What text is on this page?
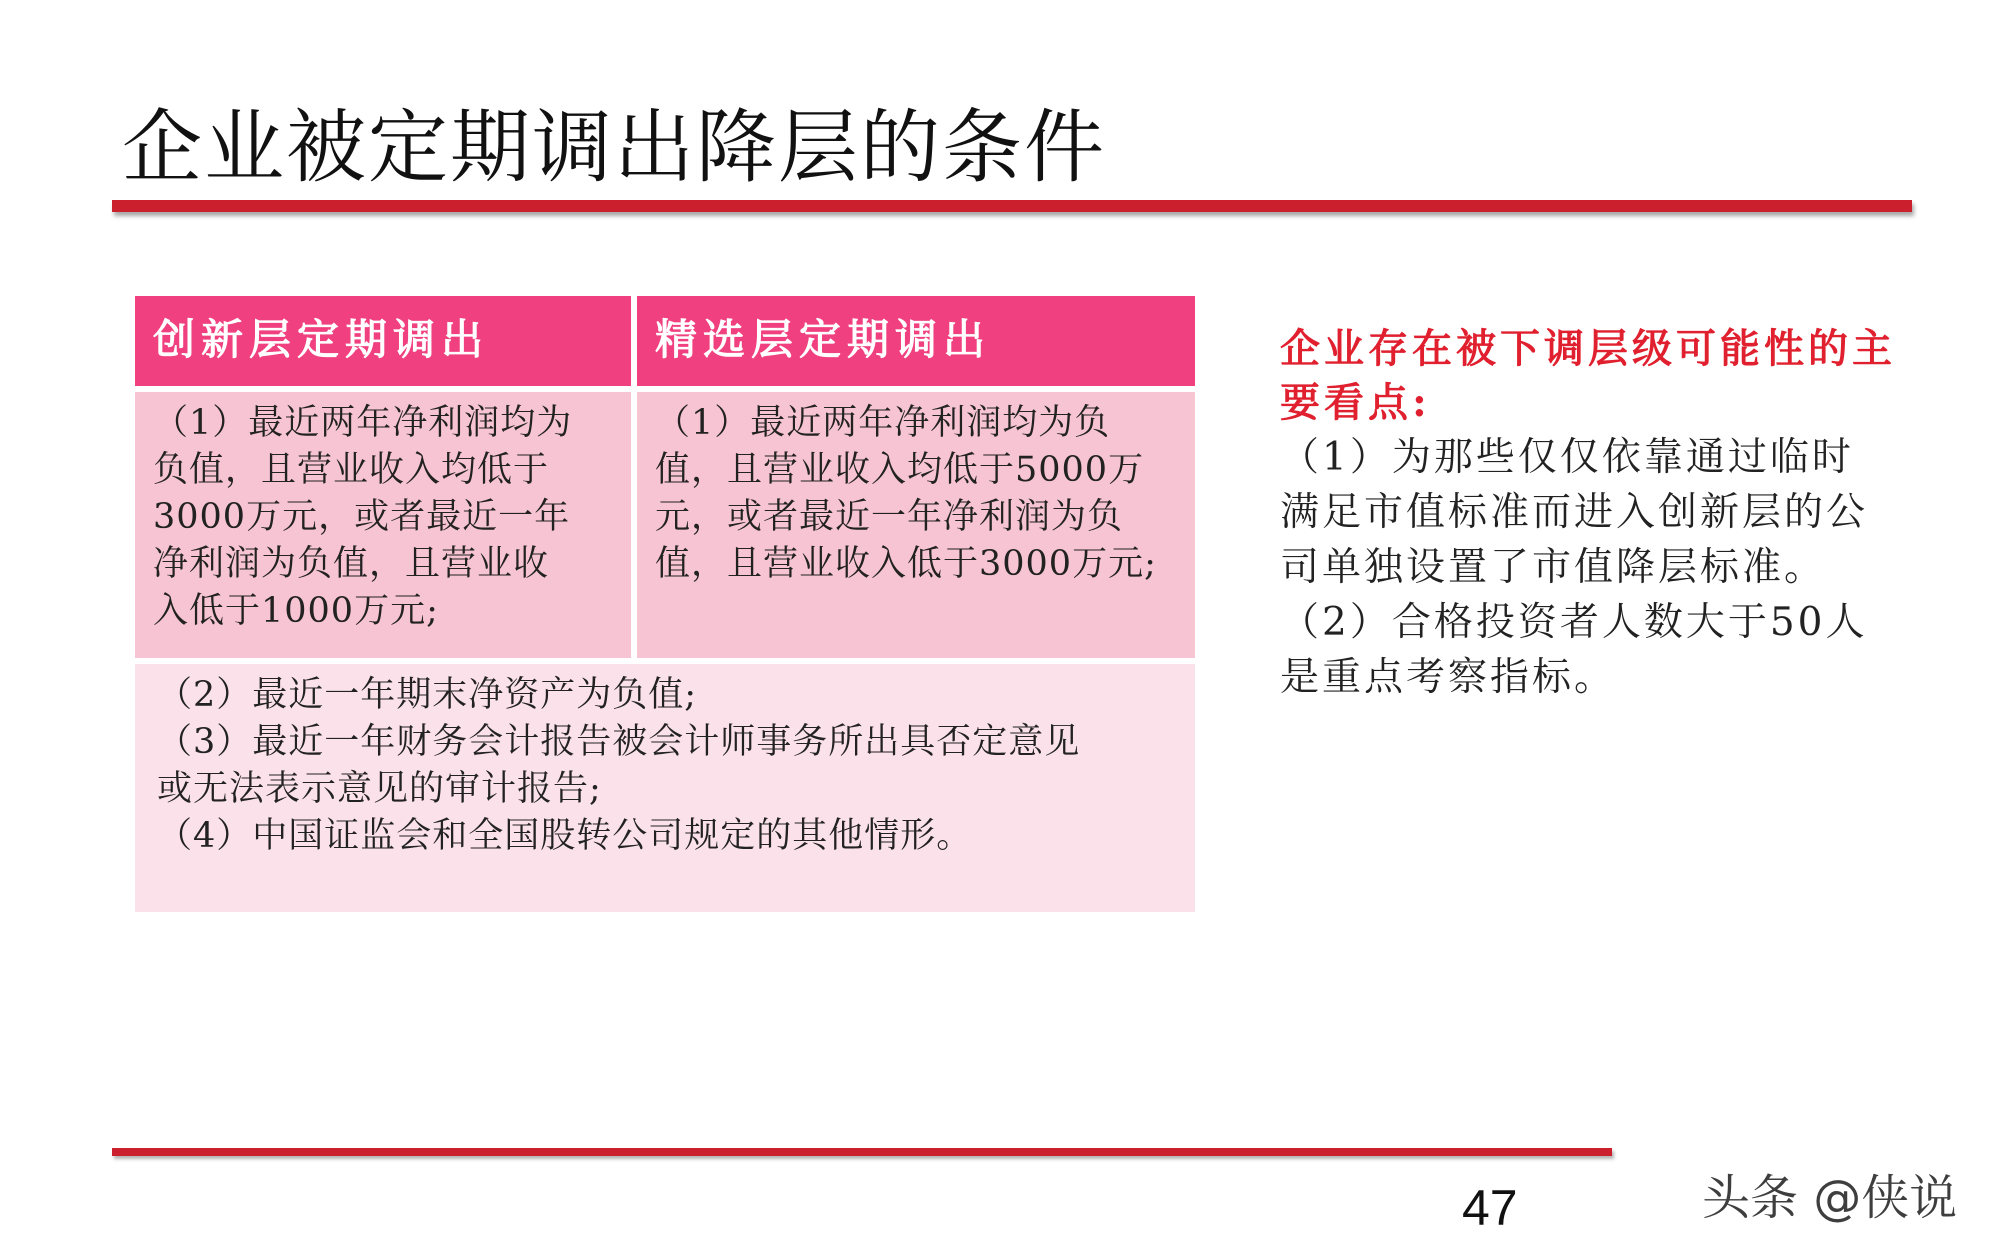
企业被定期调出降层的条件
创新层定期调出	精选层定期调出
（1）最近两年净利润均为
负值，且营业收入均低于
3000万元，或者最近一年
净利润为负值，且营业收
入低于1000万元;
（1）最近两年净利润均为负
值，且营业收入均低于5000万
元，或者最近一年净利润为负
值，且营业收入低于3000万元;
（2）最近一年期末净资产为负值;
（3）最近一年财务会计报告被会计师事务所出具否定意见
或无法表示意见的审计报告;
（4）中国证监会和全国股转公司规定的其他情形。
企业存在被下调层级可能性的主
要看点:
（1）为那些仅仅依靠通过临时
满足市值标准而进入创新层的公
司单独设置了市值降层标准。
（2）合格投资者人数大于50人
是重点考察指标。
47	头条 @侠说
